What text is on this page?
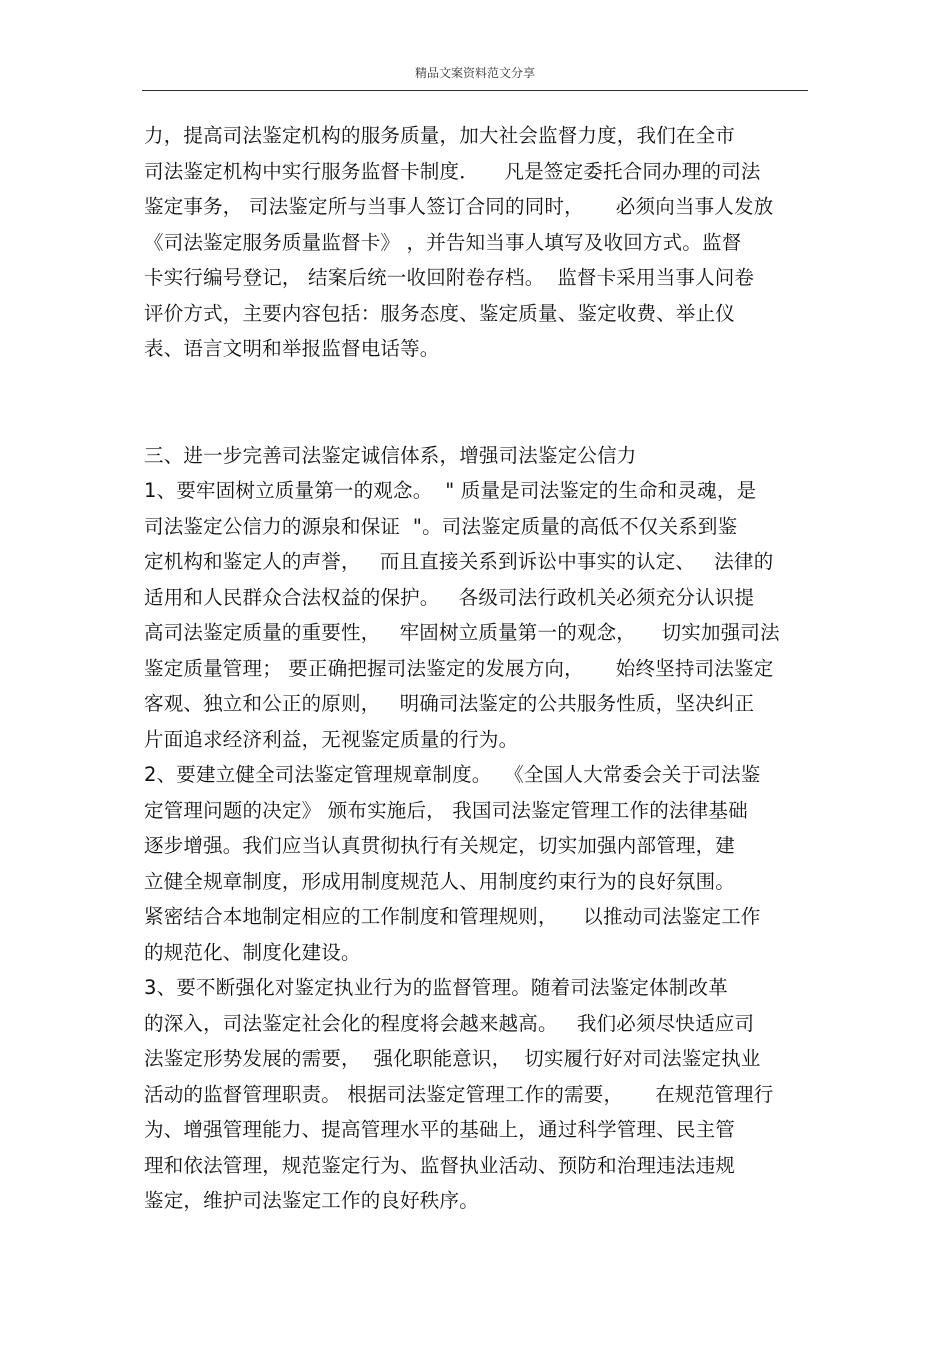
精品文案资料范文分享
力，提高司法鉴定机构的服务质量，加大社会监督力度，我们在全市
司法鉴定机构中实行服务监督卡制度．    凡是签定委托合同办理的司法
鉴定事务， 司法鉴定所与当事人签订合同的同时，     必须向当事人发放
《司法鉴定服务质量监督卡》 ，并告知当事人填写及收回方式。监督
卡实行编号登记， 结案后统一收回附卷存档。  监督卡采用当事人问卷
评价方式，主要内容包括：服务态度、鉴定质量、鉴定收费、举止仪
表、语言文明和举报监督电话等。
三、进一步完善司法鉴定诚信体系，增强司法鉴定公信力
1、要牢固树立质量第一的观念。  " 质量是司法鉴定的生命和灵魂，是
司法鉴定公信力的源泉和保证  "。司法鉴定质量的高低不仅关系到鉴
定机构和鉴定人的声誉，   而且直接关系到诉讼中事实的认定、   法律的
适用和人民群众合法权益的保护。   各级司法行政机关必须充分认识提
高司法鉴定质量的重要性，   牢固树立质量第一的观念，    切实加强司法
鉴定质量管理； 要正确把握司法鉴定的发展方向，     始终坚持司法鉴定
客观、独立和公正的原则，   明确司法鉴定的公共服务性质，坚决纠正
片面追求经济利益，无视鉴定质量的行为。
2、要建立健全司法鉴定管理规章制度。  《全国人大常委会关于司法鉴
定管理问题的决定》 颁布实施后， 我国司法鉴定管理工作的法律基础
逐步增强。我们应当认真贯彻执行有关规定，切实加强内部管理，建
立健全规章制度，形成用制度规范人、用制度约束行为的良好氛围。
紧密结合本地制定相应的工作制度和管理规则，    以推动司法鉴定工作
的规范化、制度化建设。
3、要不断强化对鉴定执业行为的监督管理。随着司法鉴定体制改革
的深入，司法鉴定社会化的程度将会越来越高。   我们必须尽快适应司
法鉴定形势发展的需要，  强化职能意识，  切实履行好对司法鉴定执业
活动的监督管理职责。 根据司法鉴定管理工作的需要，     在规范管理行
为、增强管理能力、提高管理水平的基础上，通过科学管理、民主管
理和依法管理，规范鉴定行为、监督执业活动、预防和治理违法违规
鉴定，维护司法鉴定工作的良好秩序。
